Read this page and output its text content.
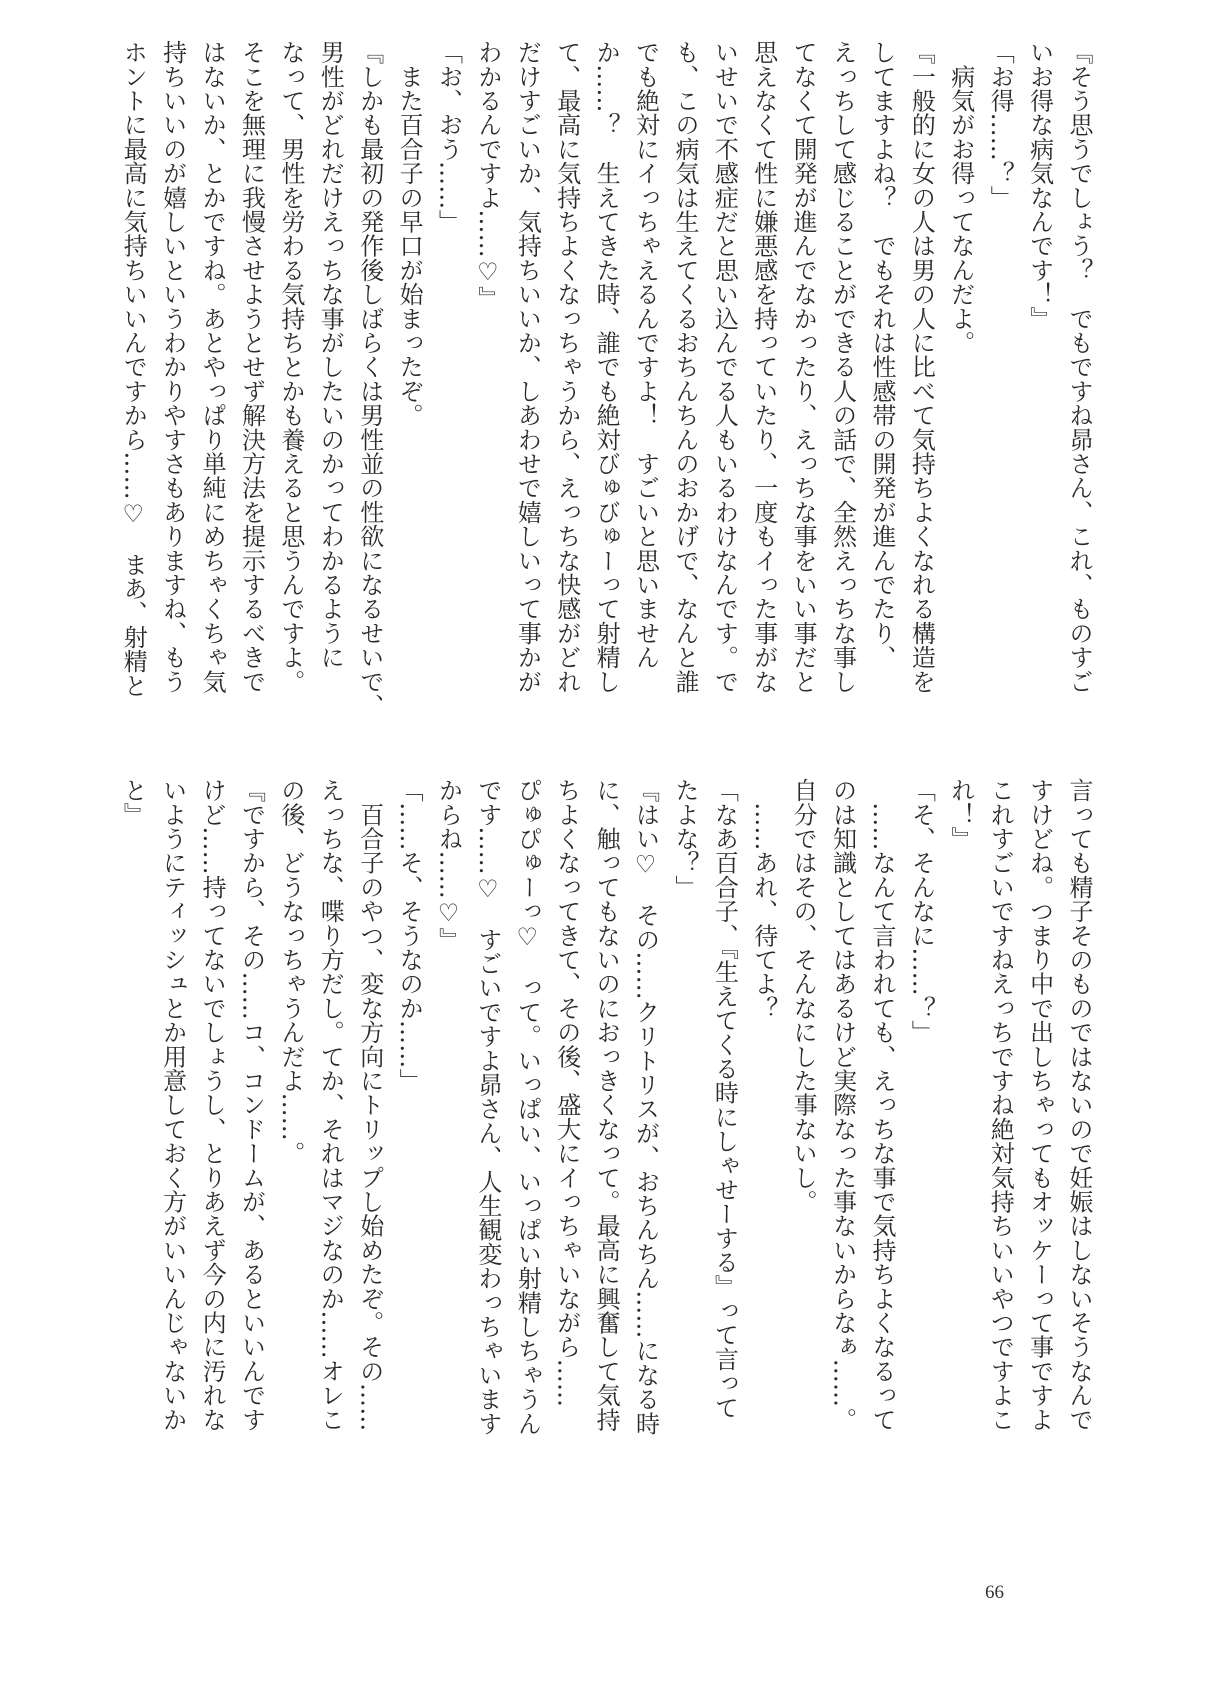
『そう思うでしょう？　でもですね昴さん、これ、ものすご
いお得な病気なんです！』
「お得……？」
　病気がお得ってなんだよ。
『一般的に女の人は男の人に比べて気持ちよくなれる構造を
してますよね？　でもそれは性感帯の開発が進んでたり、
えっちして感じることができる人の話で、全然えっちな事し
てなくて開発が進んでなかったり、えっちな事をいい事だと
思えなくて性に嫌悪感を持っていたり、一度もイった事がな
いせいで不感症だと思い込んでる人もいるわけなんです。で
も、この病気は生えてくるおちんちんのおかげで、なんと誰
でも絶対にイっちゃえるんですよ！　すごいと思いません
か……？　生えてきた時、誰でも絶対びゅびゅーって射精し
て、最高に気持ちよくなっちゃうから、えっちな快感がどれ
だけすごいか、気持ちいいか、しあわせで嬉しいって事かが
わかるんですよ……♡』
「お、おう……」
　また百合子の早口が始まったぞ。
『しかも最初の発作後しばらくは男性並の性欲になるせいで、
男性がどれだけえっちな事がしたいのかってわかるように
なって、男性を労わる気持ちとかも養えると思うんですよ。
そこを無理に我慢させようとせず解決方法を提示するべきで
はないか、とかですね。あとやっぱり単純にめちゃくちゃ気
持ちいいのが嬉しいというわかりやすさもありますね、もう
ホントに最高に気持ちいいんですから……♡　まあ、射精と
言っても精子そのものではないので妊娠はしないそうなんで
すけどね。つまり中で出しちゃってもオッケーって事ですよ
これすごいですねえっちですね絶対気持ちいいやつですよこ
れ！』
「そ、そんなに……？」
　……なんて言われても、えっちな事で気持ちよくなるって
のは知識としてはあるけど実際なった事ないからなぁ……。
自分ではその、そんなにした事ないし。
　……あれ、待てよ？
「なあ百合子、『生えてくる時にしゃせーする』って言って
たよな？」
『はい♡　その……クリトリスが、おちんちん……になる時
に、触ってもないのにおっきくなって。最高に興奮して気持
ちよくなってきて、その後、盛大にイっちゃいながら……
ぴゅぴゅーっ♡　って。いっぱい、いっぱい射精しちゃうん
です……♡　すごいですよ昴さん、人生観変わっちゃいます
からね……♡』
「……そ、そうなのか……」
　百合子のやつ、変な方向にトリップし始めたぞ。その……
えっちな、喋り方だし。てか、それはマジなのか……オレこ
の後、どうなっちゃうんだよ……。
『ですから、その……コ、コンドームが、あるといいんです
けど……持ってないでしょうし、とりあえず今の内に汚れな
いようにティッシュとか用意しておく方がいいんじゃないか
と』
66
